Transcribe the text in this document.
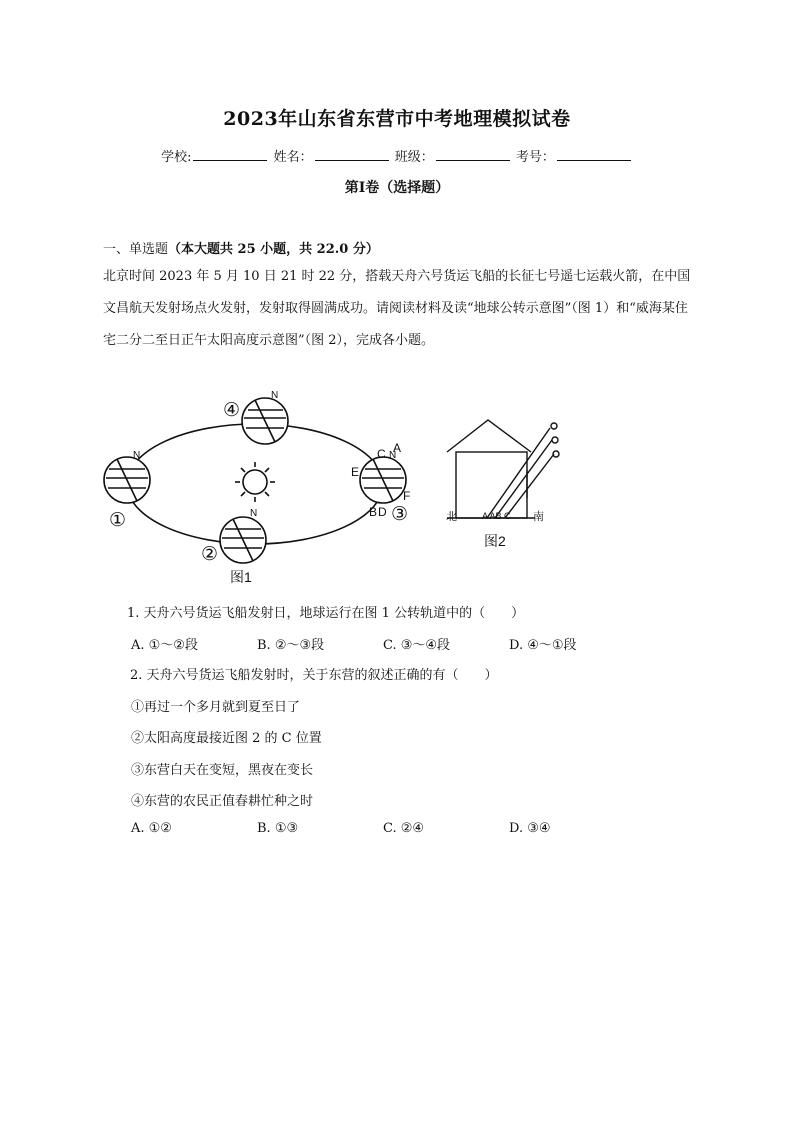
2023年山东省东营市中考地理模拟试卷
学校:	姓名：	班级：	考号：
第I卷（选择题）
一、单选题（本大题共 25 小题，共 22.0 分）
北京时间 2023 年 5 月 10 日 21 时 22 分，搭载天舟六号货运飞船的长征七号遥七运载火箭，在中国文昌航天发射场点火发射，发射取得圆满成功。请阅读材料及读“地球公转示意图”（图 1）和“威海某住宅二分二至日正午太阳高度示意图”（图 2），完成各小题。
④
①
②
③
N
N
N
N
A
C
E
F
B D
图1
北	南
A AB C
图2
1. 天舟六号货运飞船发射日，地球运行在图 1 公转轨道中的（　　）
A. ①～②段	B. ②～③段	C. ③～④段	D. ④～①段
2. 天舟六号货运飞船发射时，关于东营的叙述正确的有（　　）
①再过一个多月就到夏至日了
②太阳高度最接近图 2 的 C 位置
③东营白天在变短，黑夜在变长
④东营的农民正值春耕忙种之时
A. ①②	B. ①③	C. ②④	D. ③④
